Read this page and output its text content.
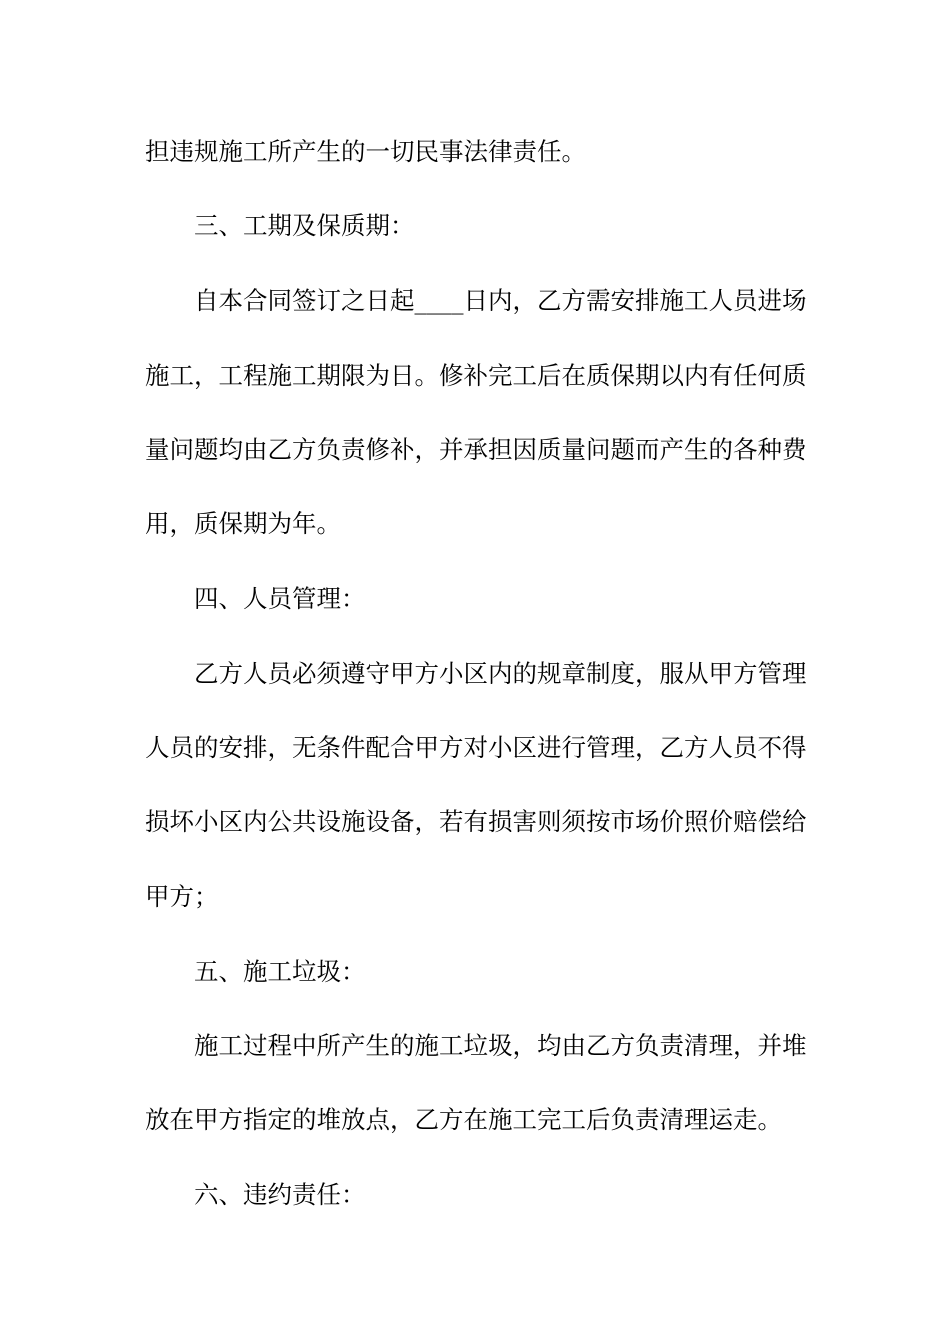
担违规施工所产生的一切民事法律责任。
三、工期及保质期：
自本合同签订之日起____日内，乙方需安排施工人员进场
施工，工程施工期限为日。修补完工后在质保期以内有任何质
量问题均由乙方负责修补，并承担因质量问题而产生的各种费
用，质保期为年。
四、人员管理：
乙方人员必须遵守甲方小区内的规章制度，服从甲方管理
人员的安排，无条件配合甲方对小区进行管理，乙方人员不得
损坏小区内公共设施设备，若有损害则须按市场价照价赔偿给
甲方；
五、施工垃圾：
施工过程中所产生的施工垃圾，均由乙方负责清理，并堆
放在甲方指定的堆放点，乙方在施工完工后负责清理运走。
六、违约责任：
